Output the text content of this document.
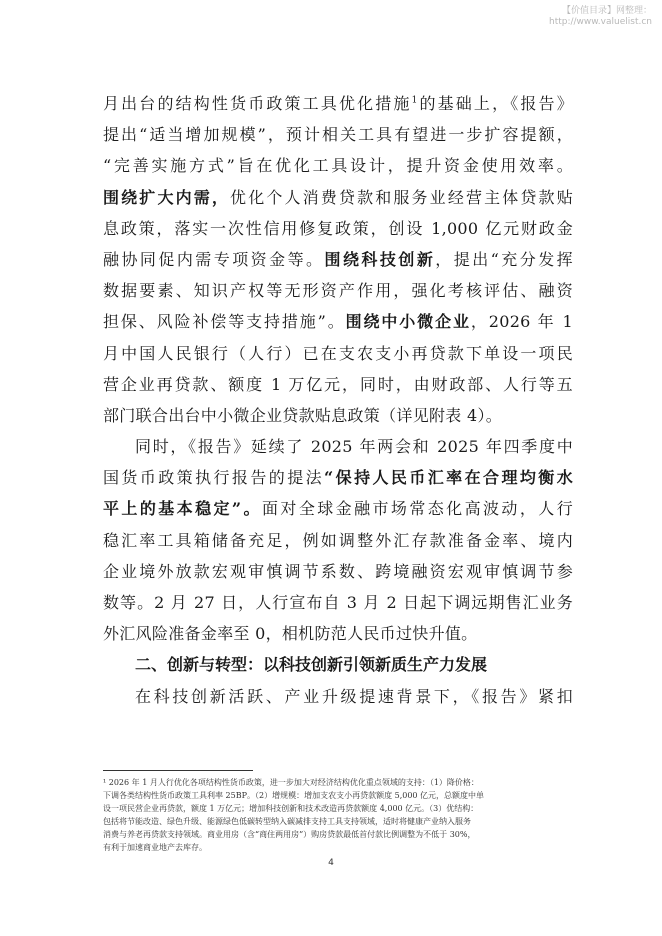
【价值目录】网整理：
http://www.valuelist.cn
月出台的结构性货币政策工具优化措施$^1$的基础上，《报告》
提出“适当增加规模”，预计相关工具有望进一步扩容提额，
“完善实施方式”旨在优化工具设计，提升资金使用效率。
围绕扩大内需，优化个人消费贷款和服务业经营主体贷款贴
息政策，落实一次性信用修复政策，创设 1,000 亿元财政金
融协同促内需专项资金等。围绕科技创新，提出“充分发挥
数据要素、知识产权等无形资产作用，强化考核评估、融资
担保、风险补偿等支持措施”。围绕中小微企业，2026 年 1
月中国人民银行（人行）已在支农支小再贷款下单设一项民
营企业再贷款、额度 1 万亿元，同时，由财政部、人行等五
部门联合出台中小微企业贷款贴息政策（详见附表 4）。
同时，《报告》延续了 2025 年两会和 2025 年四季度中
国货币政策执行报告的提法“保持人民币汇率在合理均衡水
平上的基本稳定”。面对全球金融市场常态化高波动，人行
稳汇率工具箱储备充足，例如调整外汇存款准备金率、境内
企业境外放款宏观审慎调节系数、跨境融资宏观审慎调节参
数等。2 月 27 日，人行宣布自 3 月 2 日起下调远期售汇业务
外汇风险准备金率至 0，相机防范人民币过快升值。
二、创新与转型：以科技创新引领新质生产力发展
在科技创新活跃、产业升级提速背景下，《报告》紧扣
¹ 2026 年 1 月人行优化各项结构性货币政策，进一步加大对经济结构优化重点领域的支持：（1）降价格：
下调各类结构性货币政策工具利率 25BP。（2）增规模：增加支农支小再贷款额度 5,000 亿元，总额度中单
设一项民营企业再贷款，额度 1 万亿元；增加科技创新和技术改造再贷款额度 4,000 亿元。（3）优结构：
包括将节能改造、绿色升级、能源绿色低碳转型纳入碳减排支持工具支持领域，适时将健康产业纳入服务
消费与养老再贷款支持领域。商业用房（含“商住两用房”）购房贷款最低首付款比例调整为不低于 30%，
有利于加速商业地产去库存。
4
